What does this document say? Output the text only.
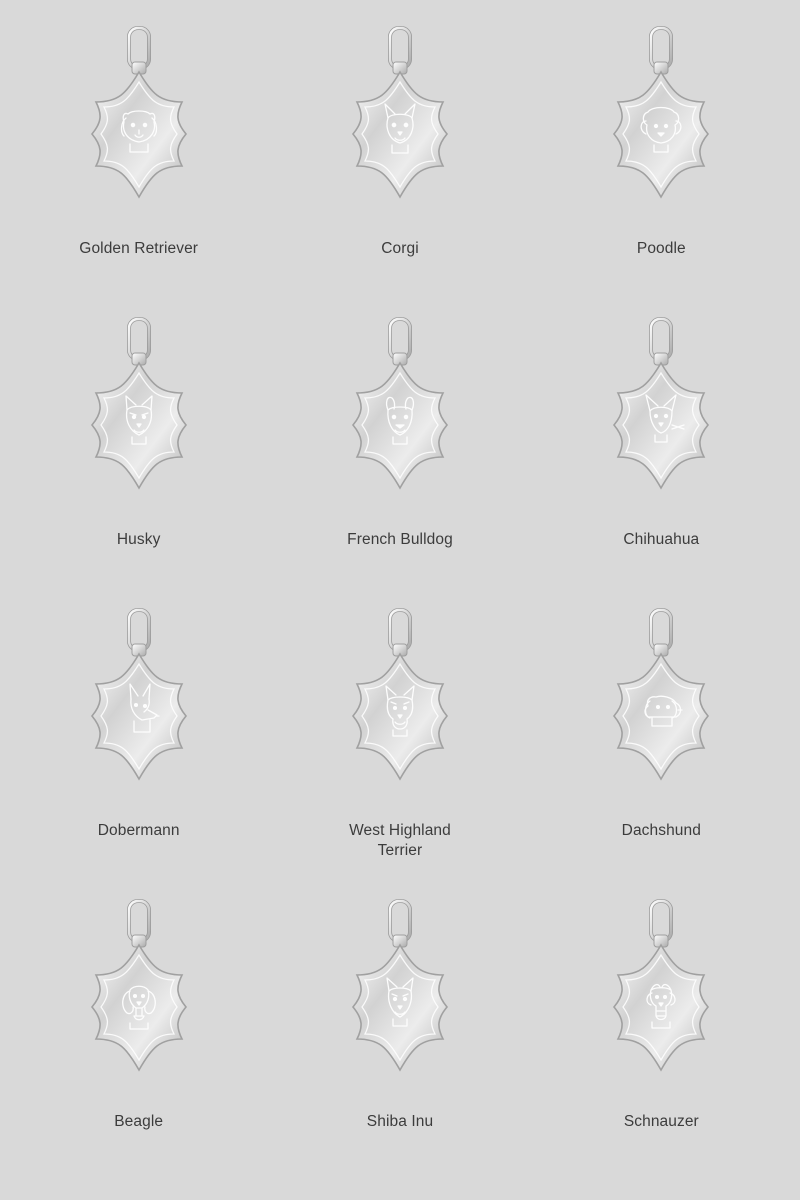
Golden Retriever	Corgi	Poodle
Husky	French Bulldog	Chihuahua
Dobermann	West Highland Terrier
Dachshund
Beagle	Shiba Inu	Schnauzer
